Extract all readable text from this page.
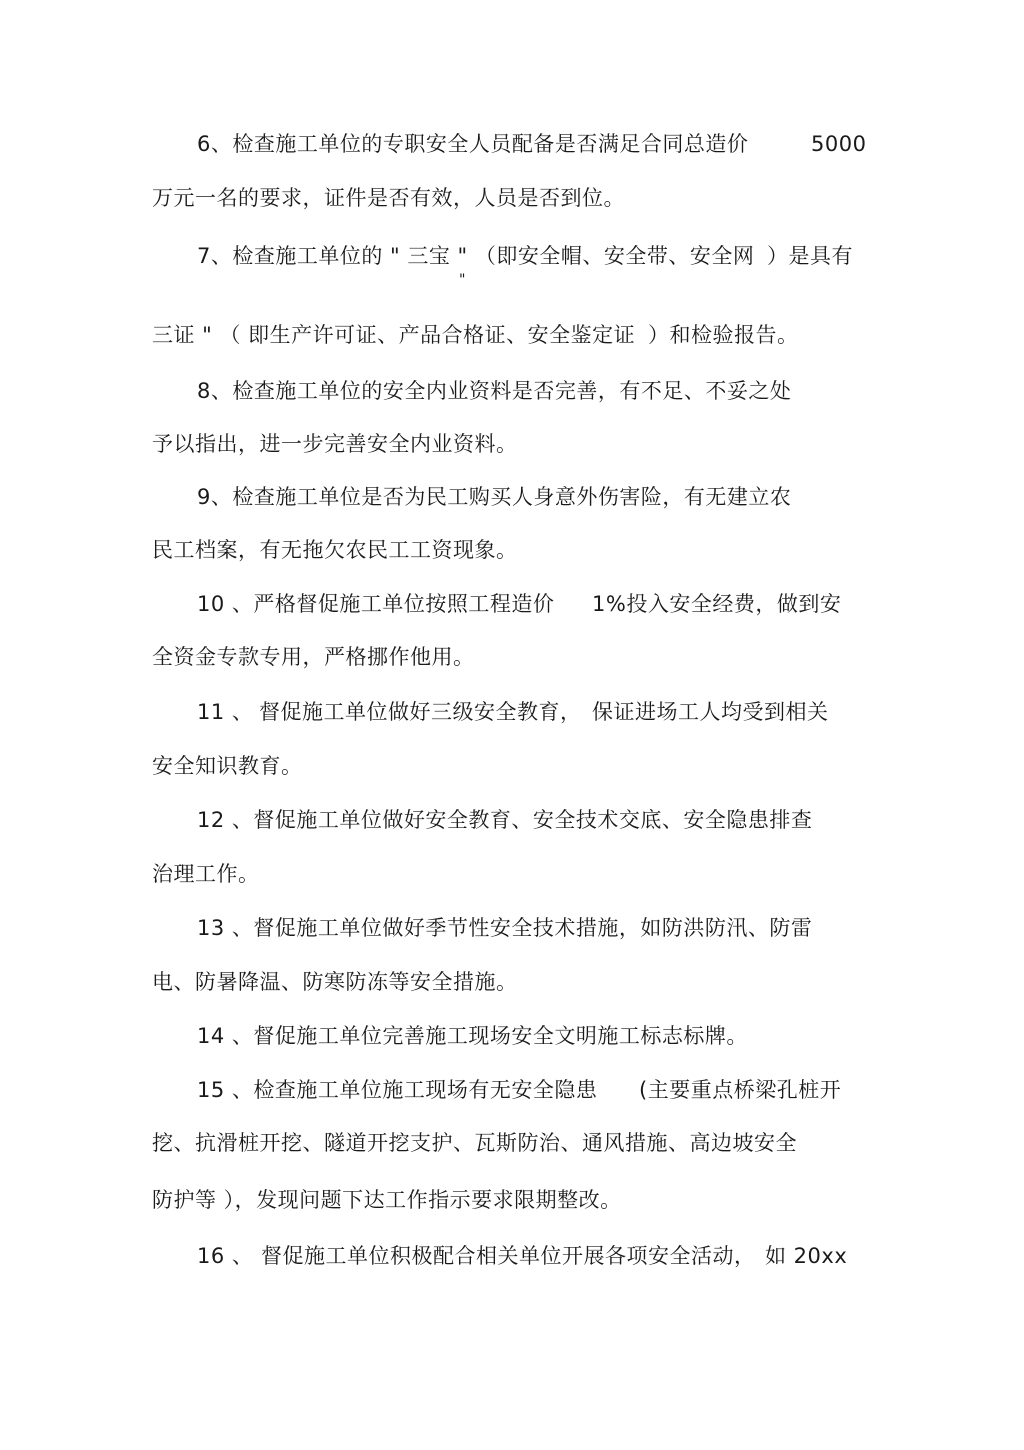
6、检查施工单位的专职安全人员配备是否满足合同总造价	5000

万元一名的要求，证件是否有效，人员是否到位。

7、检查施工单位的 " 三宝 " （即安全帽、安全带、安全网 ）是具有
"
三证 " （ 即生产许可证、产品合格证、安全鉴定证 ）和检验报告。

8、检查施工单位的安全内业资料是否完善，有不足、不妥之处

予以指出，进一步完善安全内业资料。

9、检查施工单位是否为民工购买人身意外伤害险，有无建立农

民工档案，有无拖欠农民工工资现象。

10 、严格督促施工单位按照工程造价 1%投入安全经费，做到安

全资金专款专用，严格挪作他用。

11 、 督促施工单位做好三级安全教育， 保证进场工人均受到相关

安全知识教育。

12 、督促施工单位做好安全教育、安全技术交底、安全隐患排查

治理工作。

13 、督促施工单位做好季节性安全技术措施，如防洪防汛、防雷

电、防暑降温、防寒防冻等安全措施。

14 、督促施工单位完善施工现场安全文明施工标志标牌。

15 、检查施工单位施工现场有无安全隐患 (主要重点桥梁孔桩开

挖、抗滑桩开挖、隧道开挖支护、瓦斯防治、通风措施、高边坡安全

防护等 ），发现问题下达工作指示要求限期整改。

16 、 督促施工单位积极配合相关单位开展各项安全活动， 如 20xx
